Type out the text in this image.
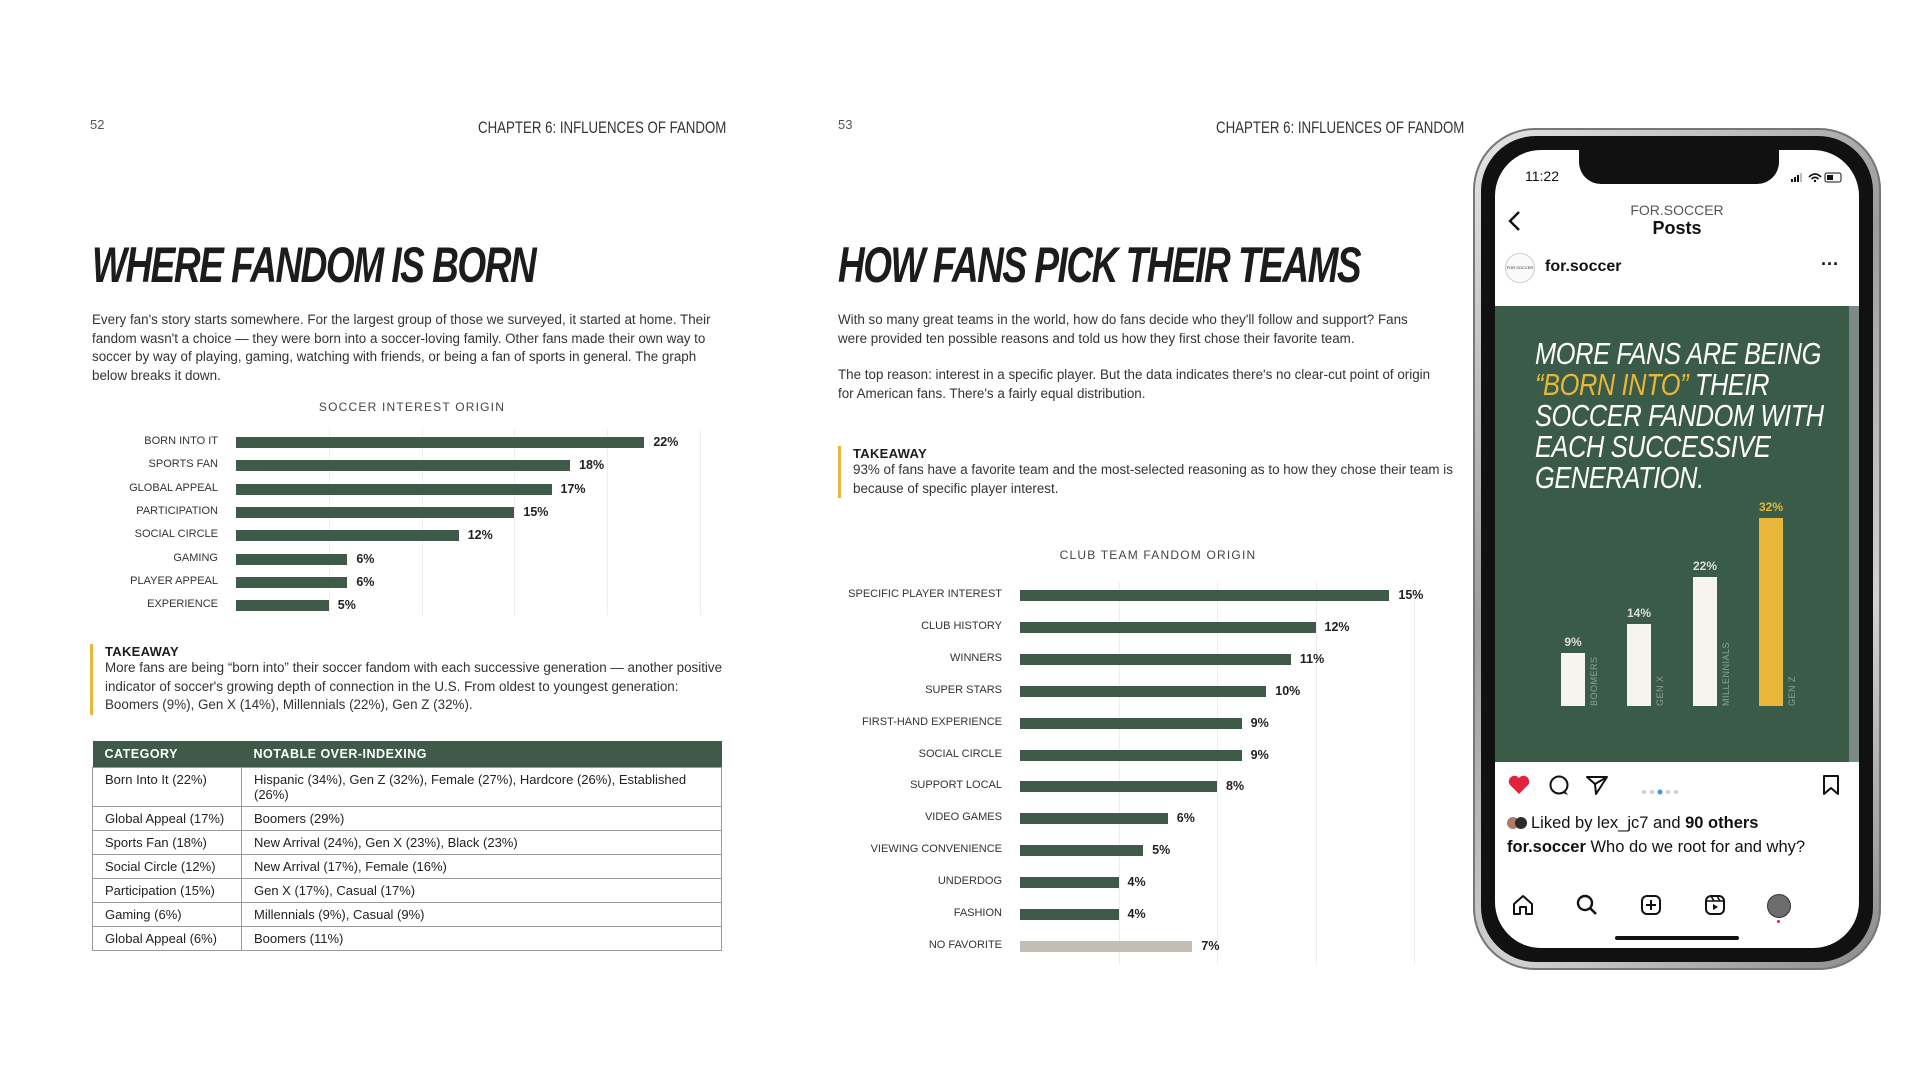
52	CHAPTER 6: INFLUENCES OF FANDOM
WHERE FANDOM IS BORN
Every fan's story starts somewhere. For the largest group of those we surveyed, it started at home. Their fandom wasn't a choice — they were born into a soccer-loving family. Other fans made their own way to soccer by way of playing, gaming, watching with friends, or being a fan of sports in general. The graph below breaks it down.
SOCCER INTEREST ORIGIN
BORN INTO IT	22%
SPORTS FAN	18%
GLOBAL APPEAL	17%
PARTICIPATION	15%
SOCIAL CIRCLE	12%
GAMING	6%
PLAYER APPEAL	6%
EXPERIENCE	5%
TAKEAWAY
More fans are being “born into” their soccer fandom with each successive generation — another positive indicator of soccer's growing depth of connection in the U.S. From oldest to youngest generation: Boomers (9%), Gen X (14%), Millennials (22%), Gen Z (32%).
CATEGORY	NOTABLE OVER-INDEXING
Born Into It (22%)	Hispanic (34%), Gen Z (32%), Female (27%), Hardcore (26%), Established (26%)
Global Appeal (17%)	Boomers (29%)
Sports Fan (18%)	New Arrival (24%), Gen X (23%), Black (23%)
Social Circle (12%)	New Arrival (17%), Female (16%)
Participation (15%)	Gen X (17%), Casual (17%)
Gaming (6%)	Millennials (9%), Casual (9%)
Global Appeal (6%)	Boomers (11%)
53	CHAPTER 6: INFLUENCES OF FANDOM
HOW FANS PICK THEIR TEAMS
With so many great teams in the world, how do fans decide who they'll follow and support? Fans were provided ten possible reasons and told us how they first chose their favorite team.
The top reason: interest in a specific player. But the data indicates there's no clear-cut point of origin for American fans. There's a fairly equal distribution.
TAKEAWAY
93% of fans have a favorite team and the most-selected reasoning as to how they chose their team is because of specific player interest.
CLUB TEAM FANDOM ORIGIN
SPECIFIC PLAYER INTEREST	15%
CLUB HISTORY	12%
WINNERS	11%
SUPER STARS	10%
FIRST-HAND EXPERIENCE	9%
SOCIAL CIRCLE	9%
SUPPORT LOCAL	8%
VIDEO GAMES	6%
VIEWING CONVENIENCE	5%
UNDERDOG	4%
FASHION	4%
NO FAVORITE	7%
11:22
FOR.SOCCER
Posts
FOR.SOCCER for.soccer	···
MORE FANS ARE BEING
“BORN INTO” THEIR
SOCCER FANDOM WITH
EACH SUCCESSIVE
GENERATION.
9%
BOOMERS
14%
GEN X
22%
MILLENNIALS
32%
GEN Z
Liked by lex_jc7 and 90 others
for.soccer Who do we root for and why?
